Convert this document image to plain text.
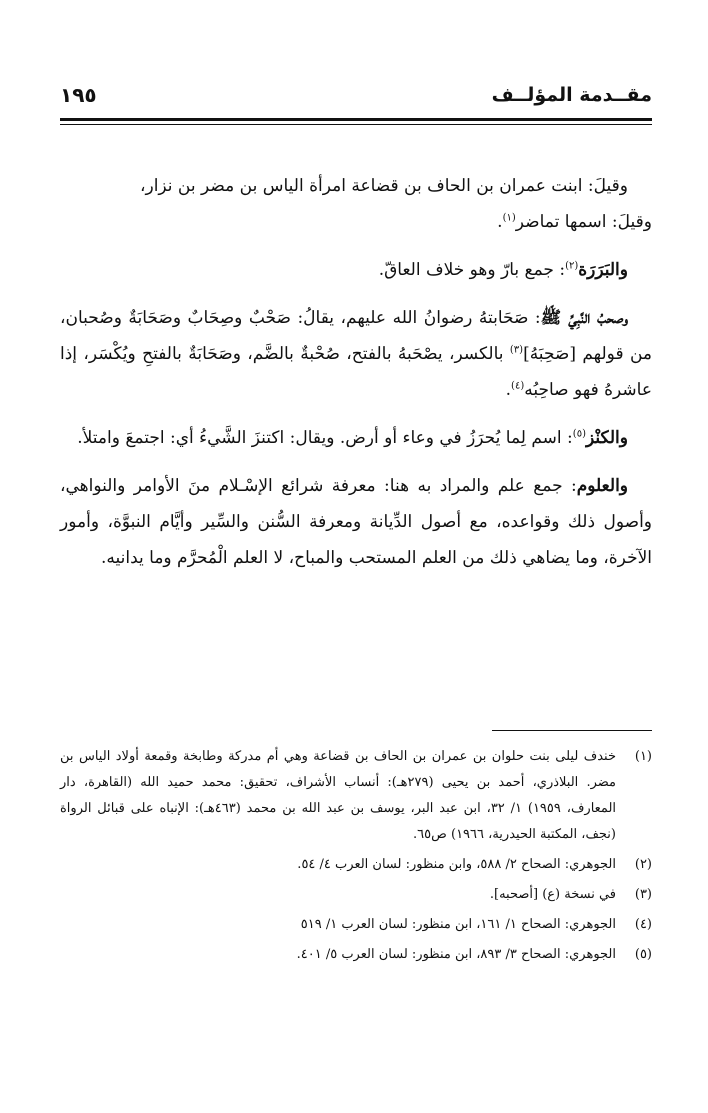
مقــدمة المؤلــف
١٩٥

وقيلَ: ابنت عمران بن الحاف بن قضاعة امرأة الياس بن مضر بن نزار،

وقيلَ: اسمها تماضر$^{(١)}$.

والبَرَرَة$^{(٢)}$: جمع بارّ وهو خلاف العاقّ.

وصحبُ النَّبِيِّ ﷺ: صَحَابتهُ رضوانُ الله عليهم، يقالُ: صَحْبٌ وصِحَابٌ وصَحَابَةٌ وصُحبان، من قولهم [صَحِبَهُ]$^{(٣)}$ بالكسر، يصْحَبهُ بالفتح، صُحْبةٌ بالضَّم، وصَحَابَةٌ بالفتحِ ويُكْسَر، إذا عاشرهُ فهو صاحِبُه$^{(٤)}$.

والكنْز$^{(٥)}$: اسم لِما يُحرَزُ في وعاء أو أرض. ويقال: اكتنزَ الشَّيءُ أي: اجتمعَ وامتلأ.

والعلوم: جمع علم والمراد به هنا: معرفة شرائع الإسْـلام منَ الأوامر والنواهي، وأصول ذلك وقواعده، مع أصول الدِّيانة ومعرفة السُّنن والسِّير وأيَّام النبوَّة، وأمور الآخرة، وما يضاهي ذلك من العلم المستحب والمباح، لا العلم الْمُحرَّم وما يدانيه.

(١)
خندف ليلى بنت حلوان بن عمران بن الحاف بن قضاعة وهي أم مدركة وطابخة وقمعة أولاد الياس بن مضر. البلاذري، أحمد بن يحيى (٢٧٩هـ): أنساب الأشراف، تحقيق: محمد حميد الله (القاهرة، دار المعارف، ١٩٥٩) ١/ ٣٢، ابن عبد البر، يوسف بن عبد الله بن محمد (٤٦٣هـ): الإنباه على قبائل الرواة (نجف، المكتبة الحيدرية، ١٩٦٦) ص٦٥.
(٢)
الجوهري: الصحاح ٢/ ٥٨٨، وابن منظور: لسان العرب ٤/ ٥٤.
(٣)
في نسخة (ع) [أصحبه].
(٤)
الجوهري: الصحاح ١/ ١٦١، ابن منظور: لسان العرب ١/ ٥١٩
(٥)
الجوهري: الصحاح ٣/ ٨٩٣، ابن منظور: لسان العرب ٥/ ٤٠١.
